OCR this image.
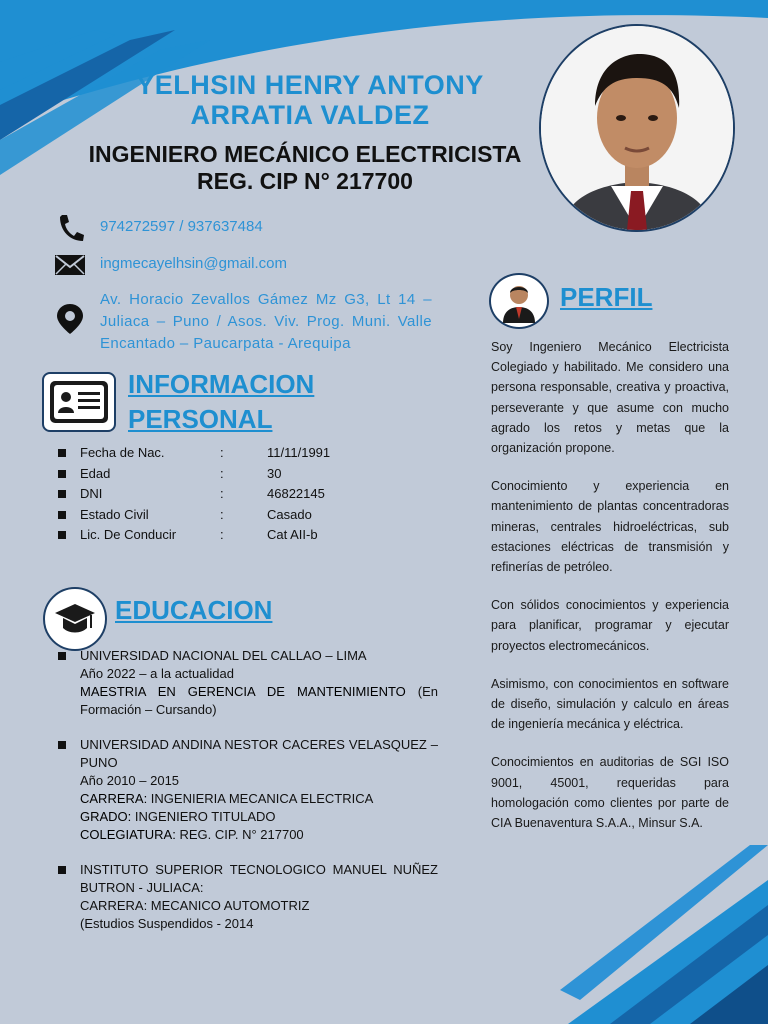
YELHSIN HENRY ANTONY
ARRATIA VALDEZ
INGENIERO MECÁNICO ELECTRICISTA
REG. CIP N° 217700
974272597 / 937637484
ingmecayelhsin@gmail.com
Av. Horacio Zevallos Gámez Mz G3, Lt 14 – Juliaca – Puno / Asos. Viv. Prog. Muni. Valle Encantado – Paucarpata - Arequipa
INFORMACION
PERSONAL
Fecha de Nac.	:	11/11/1991
Edad	:	30
DNI	:	46822145
Estado Civil	:	Casado
Lic. De Conducir	:	Cat AII-b
EDUCACION
UNIVERSIDAD NACIONAL DEL CALLAO – LIMA
Año 2022 – a la actualidad
MAESTRIA EN GERENCIA DE MANTENIMIENTO (En Formación – Cursando)
UNIVERSIDAD ANDINA NESTOR CACERES VELASQUEZ – PUNO
Año 2010 – 2015
CARRERA: INGENIERIA MECANICA ELECTRICA
GRADO: INGENIERO TITULADO
COLEGIATURA: REG. CIP. N° 217700
INSTITUTO SUPERIOR TECNOLOGICO MANUEL NUÑEZ BUTRON - JULIACA:
CARRERA: MECANICO AUTOMOTRIZ
(Estudios Suspendidos - 2014
PERFIL

Soy Ingeniero Mecánico Electricista Colegiado y habilitado. Me considero una persona responsable, creativa y proactiva, perseverante y que asume con mucho agrado los retos y metas que la organización propone.

Conocimiento y experiencia en mantenimiento de plantas concentradoras mineras, centrales hidroeléctricas, sub estaciones eléctricas de transmisión y refinerías de petróleo.

Con sólidos conocimientos y experiencia para planificar, programar y ejecutar proyectos electromecánicos.

Asimismo, con conocimientos en software de diseño, simulación y calculo en áreas de ingeniería mecánica y eléctrica.

Conocimientos en auditorias de SGI ISO 9001, 45001, requeridas para homologación como clientes por parte de CIA Buenaventura S.A.A., Minsur S.A.
